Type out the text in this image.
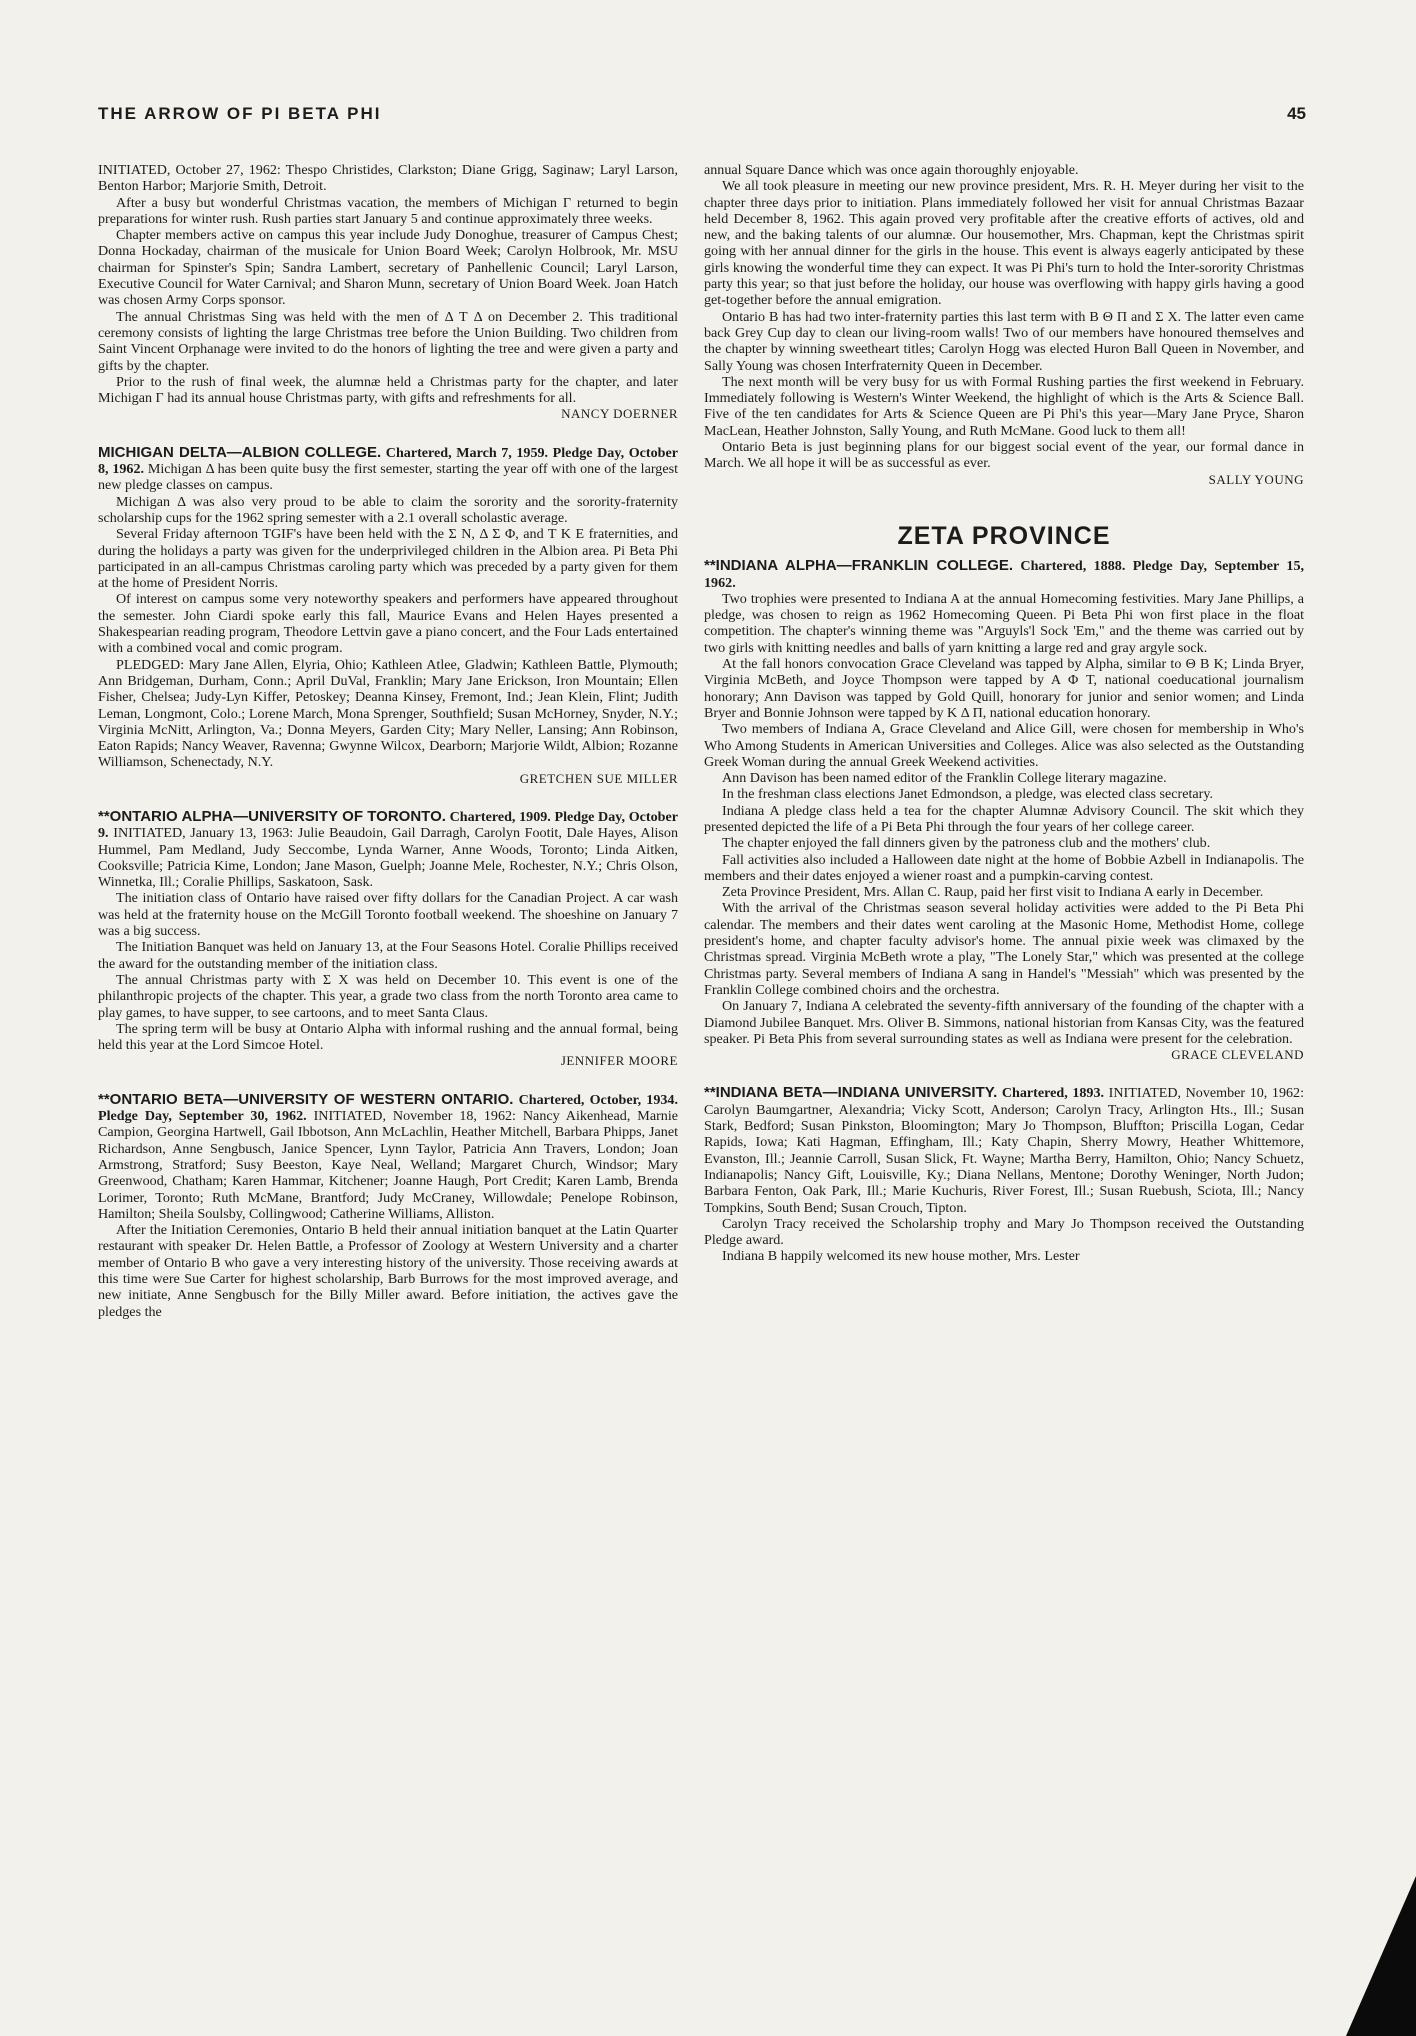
THE ARROW OF PI BETA PHI	45

INITIATED, October 27, 1962: Thespo Christides, Clarkston; Diane Grigg, Saginaw; Laryl Larson, Benton Harbor; Marjorie Smith, Detroit.

After a busy but wonderful Christmas vacation, the members of Michigan Γ returned to begin preparations for winter rush. Rush parties start January 5 and continue approximately three weeks.

Chapter members active on campus this year include Judy Donoghue, treasurer of Campus Chest; Donna Hockaday, chairman of the musicale for Union Board Week; Carolyn Holbrook, Mr. MSU chairman for Spinster's Spin; Sandra Lambert, secretary of Panhellenic Council; Laryl Larson, Executive Council for Water Carnival; and Sharon Munn, secretary of Union Board Week. Joan Hatch was chosen Army Corps sponsor.

The annual Christmas Sing was held with the men of Δ T Δ on December 2. This traditional ceremony consists of lighting the large Christmas tree before the Union Building. Two children from Saint Vincent Orphanage were invited to do the honors of lighting the tree and were given a party and gifts by the chapter.

Prior to the rush of final week, the alumnæ held a Christmas party for the chapter, and later Michigan Γ had its annual house Christmas party, with gifts and refreshments for all.

NANCY DOERNER

MICHIGAN DELTA—ALBION COLLEGE. Chartered, March 7, 1959. Pledge Day, October 8, 1962. Michigan Δ has been quite busy the first semester, starting the year off with one of the largest new pledge classes on campus.

Michigan Δ was also very proud to be able to claim the sorority and the sorority-fraternity scholarship cups for the 1962 spring semester with a 2.1 overall scholastic average.

Several Friday afternoon TGIF's have been held with the Σ N, Δ Σ Φ, and T K E fraternities, and during the holidays a party was given for the underprivileged children in the Albion area. Pi Beta Phi participated in an all-campus Christmas caroling party which was preceded by a party given for them at the home of President Norris.

Of interest on campus some very noteworthy speakers and performers have appeared throughout the semester. John Ciardi spoke early this fall, Maurice Evans and Helen Hayes presented a Shakespearian reading program, Theodore Lettvin gave a piano concert, and the Four Lads entertained with a combined vocal and comic program.

PLEDGED: Mary Jane Allen, Elyria, Ohio; Kathleen Atlee, Gladwin; Kathleen Battle, Plymouth; Ann Bridgeman, Durham, Conn.; April DuVal, Franklin; Mary Jane Erickson, Iron Mountain; Ellen Fisher, Chelsea; Judy-Lyn Kiffer, Petoskey; Deanna Kinsey, Fremont, Ind.; Jean Klein, Flint; Judith Leman, Longmont, Colo.; Lorene March, Mona Sprenger, Southfield; Susan McHorney, Snyder, N.Y.; Virginia McNitt, Arlington, Va.; Donna Meyers, Garden City; Mary Neller, Lansing; Ann Robinson, Eaton Rapids; Nancy Weaver, Ravenna; Gwynne Wilcox, Dearborn; Marjorie Wildt, Albion; Rozanne Williamson, Schenectady, N.Y.

GRETCHEN SUE MILLER

**ONTARIO ALPHA—UNIVERSITY OF TORONTO. Chartered, 1909. Pledge Day, October 9. INITIATED, January 13, 1963: Julie Beaudoin, Gail Darragh, Carolyn Footit, Dale Hayes, Alison Hummel, Pam Medland, Judy Seccombe, Lynda Warner, Anne Woods, Toronto; Linda Aitken, Cooksville; Patricia Kime, London; Jane Mason, Guelph; Joanne Mele, Rochester, N.Y.; Chris Olson, Winnetka, Ill.; Coralie Phillips, Saskatoon, Sask.

The initiation class of Ontario have raised over fifty dollars for the Canadian Project. A car wash was held at the fraternity house on the McGill Toronto football weekend. The shoeshine on January 7 was a big success.

The Initiation Banquet was held on January 13, at the Four Seasons Hotel. Coralie Phillips received the award for the outstanding member of the initiation class.

The annual Christmas party with Σ X was held on December 10. This event is one of the philanthropic projects of the chapter. This year, a grade two class from the north Toronto area came to play games, to have supper, to see cartoons, and to meet Santa Claus.

The spring term will be busy at Ontario Alpha with informal rushing and the annual formal, being held this year at the Lord Simcoe Hotel.

JENNIFER MOORE

**ONTARIO BETA—UNIVERSITY OF WESTERN ONTARIO. Chartered, October, 1934. Pledge Day, September 30, 1962. INITIATED, November 18, 1962: Nancy Aikenhead, Marnie Campion, Georgina Hartwell, Gail Ibbotson, Ann McLachlin, Heather Mitchell, Barbara Phipps, Janet Richardson, Anne Sengbusch, Janice Spencer, Lynn Taylor, Patricia Ann Travers, London; Joan Armstrong, Stratford; Susy Beeston, Kaye Neal, Welland; Margaret Church, Windsor; Mary Greenwood, Chatham; Karen Hammar, Kitchener; Joanne Haugh, Port Credit; Karen Lamb, Brenda Lorimer, Toronto; Ruth McMane, Brantford; Judy McCraney, Willowdale; Penelope Robinson, Hamilton; Sheila Soulsby, Collingwood; Catherine Williams, Alliston.

After the Initiation Ceremonies, Ontario B held their annual initiation banquet at the Latin Quarter restaurant with speaker Dr. Helen Battle, a Professor of Zoology at Western University and a charter member of Ontario B who gave a very interesting history of the university. Those receiving awards at this time were Sue Carter for highest scholarship, Barb Burrows for the most improved average, and new initiate, Anne Sengbusch for the Billy Miller award. Before initiation, the actives gave the pledges the

annual Square Dance which was once again thoroughly enjoyable.

We all took pleasure in meeting our new province president, Mrs. R. H. Meyer during her visit to the chapter three days prior to initiation. Plans immediately followed her visit for annual Christmas Bazaar held December 8, 1962. This again proved very profitable after the creative efforts of actives, old and new, and the baking talents of our alumnæ. Our housemother, Mrs. Chapman, kept the Christmas spirit going with her annual dinner for the girls in the house. This event is always eagerly anticipated by these girls knowing the wonderful time they can expect. It was Pi Phi's turn to hold the Inter-sorority Christmas party this year; so that just before the holiday, our house was overflowing with happy girls having a good get-together before the annual emigration.

Ontario B has had two inter-fraternity parties this last term with B Θ Π and Σ X. The latter even came back Grey Cup day to clean our living-room walls! Two of our members have honoured themselves and the chapter by winning sweetheart titles; Carolyn Hogg was elected Huron Ball Queen in November, and Sally Young was chosen Interfraternity Queen in December.

The next month will be very busy for us with Formal Rushing parties the first weekend in February. Immediately following is Western's Winter Weekend, the highlight of which is the Arts & Science Ball. Five of the ten candidates for Arts & Science Queen are Pi Phi's this year—Mary Jane Pryce, Sharon MacLean, Heather Johnston, Sally Young, and Ruth McMane. Good luck to them all!

Ontario Beta is just beginning plans for our biggest social event of the year, our formal dance in March. We all hope it will be as successful as ever.

SALLY YOUNG

ZETA PROVINCE

**INDIANA ALPHA—FRANKLIN COLLEGE. Chartered, 1888. Pledge Day, September 15, 1962.

Two trophies were presented to Indiana A at the annual Homecoming festivities. Mary Jane Phillips, a pledge, was chosen to reign as 1962 Homecoming Queen. Pi Beta Phi won first place in the float competition. The chapter's winning theme was "Arguyls'l Sock 'Em," and the theme was carried out by two girls with knitting needles and balls of yarn knitting a large red and gray argyle sock.

At the fall honors convocation Grace Cleveland was tapped by Alpha, similar to Θ B K; Linda Bryer, Virginia McBeth, and Joyce Thompson were tapped by A Φ T, national coeducational journalism honorary; Ann Davison was tapped by Gold Quill, honorary for junior and senior women; and Linda Bryer and Bonnie Johnson were tapped by K Δ Π, national education honorary.

Two members of Indiana A, Grace Cleveland and Alice Gill, were chosen for membership in Who's Who Among Students in American Universities and Colleges. Alice was also selected as the Outstanding Greek Woman during the annual Greek Weekend activities.

Ann Davison has been named editor of the Franklin College literary magazine.

In the freshman class elections Janet Edmondson, a pledge, was elected class secretary.

Indiana A pledge class held a tea for the chapter Alumnæ Advisory Council. The skit which they presented depicted the life of a Pi Beta Phi through the four years of her college career.

The chapter enjoyed the fall dinners given by the patroness club and the mothers' club.

Fall activities also included a Halloween date night at the home of Bobbie Azbell in Indianapolis. The members and their dates enjoyed a wiener roast and a pumpkin-carving contest.

Zeta Province President, Mrs. Allan C. Raup, paid her first visit to Indiana A early in December.

With the arrival of the Christmas season several holiday activities were added to the Pi Beta Phi calendar. The members and their dates went caroling at the Masonic Home, Methodist Home, college president's home, and chapter faculty advisor's home. The annual pixie week was climaxed by the Christmas spread. Virginia McBeth wrote a play, "The Lonely Star," which was presented at the college Christmas party. Several members of Indiana A sang in Handel's "Messiah" which was presented by the Franklin College combined choirs and the orchestra.

On January 7, Indiana A celebrated the seventy-fifth anniversary of the founding of the chapter with a Diamond Jubilee Banquet. Mrs. Oliver B. Simmons, national historian from Kansas City, was the featured speaker. Pi Beta Phis from several surrounding states as well as Indiana were present for the celebration.

GRACE CLEVELAND

**INDIANA BETA—INDIANA UNIVERSITY. Chartered, 1893. INITIATED, November 10, 1962: Carolyn Baumgartner, Alexandria; Vicky Scott, Anderson; Carolyn Tracy, Arlington Hts., Ill.; Susan Stark, Bedford; Susan Pinkston, Bloomington; Mary Jo Thompson, Bluffton; Priscilla Logan, Cedar Rapids, Iowa; Kati Hagman, Effingham, Ill.; Katy Chapin, Sherry Mowry, Heather Whittemore, Evanston, Ill.; Jeannie Carroll, Susan Slick, Ft. Wayne; Martha Berry, Hamilton, Ohio; Nancy Schuetz, Indianapolis; Nancy Gift, Louisville, Ky.; Diana Nellans, Mentone; Dorothy Weninger, North Judon; Barbara Fenton, Oak Park, Ill.; Marie Kuchuris, River Forest, Ill.; Susan Ruebush, Sciota, Ill.; Nancy Tompkins, South Bend; Susan Crouch, Tipton.

Carolyn Tracy received the Scholarship trophy and Mary Jo Thompson received the Outstanding Pledge award.

Indiana B happily welcomed its new house mother, Mrs. Lester
